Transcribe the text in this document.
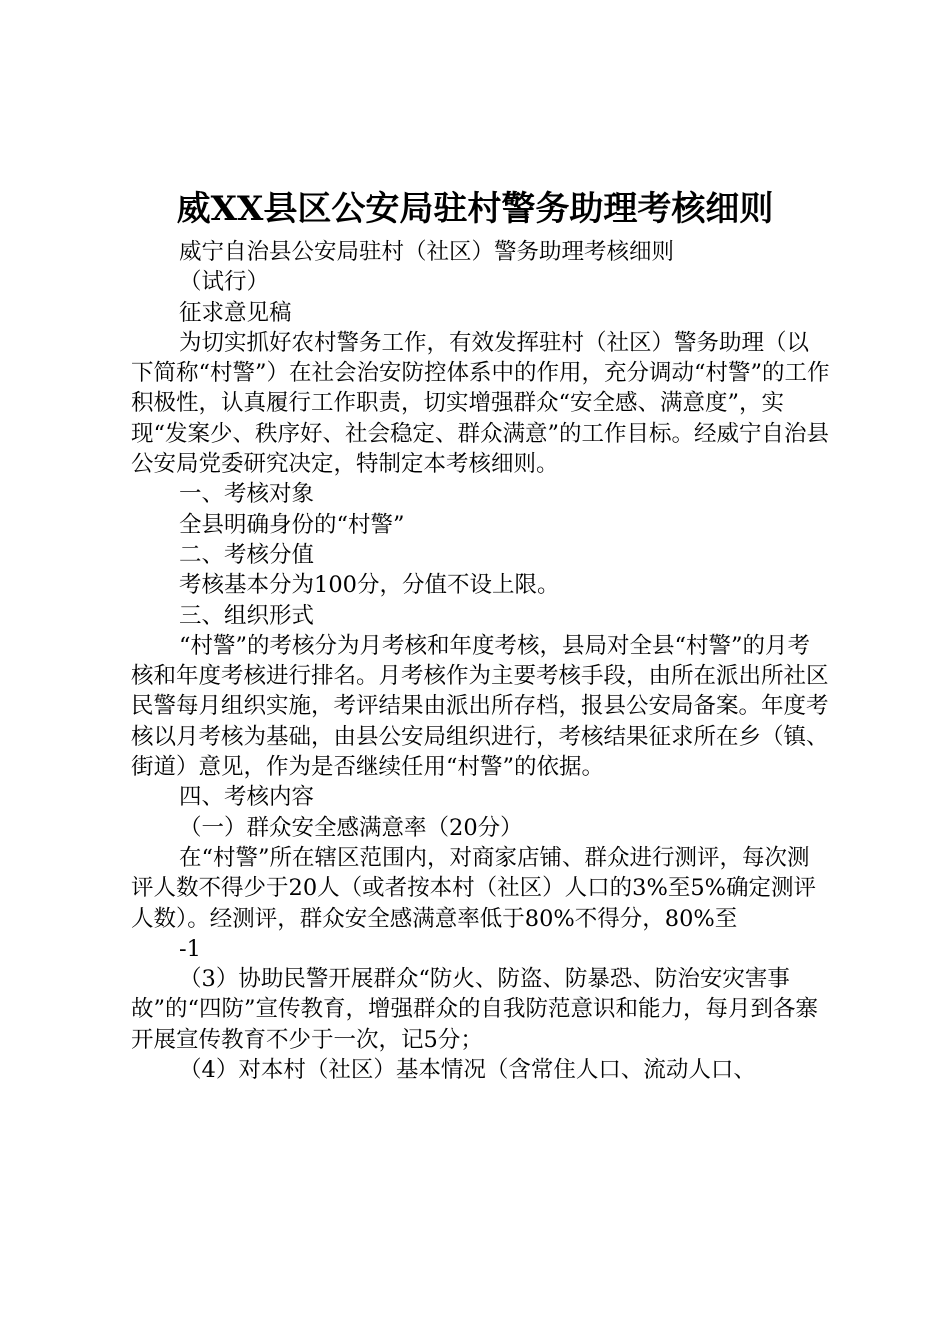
威XX县区公安局驻村警务助理考核细则

威宁自治县公安局驻村（社区）警务助理考核细则

（试行）

征求意见稿

为切实抓好农村警务工作，有效发挥驻村（社区）警务助理（以下简称“村警”）在社会治安防控体系中的作用，充分调动“村警”的工作积极性，认真履行工作职责，切实增强群众“安全感、满意度”，实现“发案少、秩序好、社会稳定、群众满意”的工作目标。经威宁自治县公安局党委研究决定，特制定本考核细则。

一、考核对象

全县明确身份的“村警”

二、考核分值

考核基本分为100分，分值不设上限。

三、组织形式

“村警”的考核分为月考核和年度考核，县局对全县“村警”的月考核和年度考核进行排名。月考核作为主要考核手段，由所在派出所社区民警每月组织实施，考评结果由派出所存档，报县公安局备案。年度考核以月考核为基础，由县公安局组织进行，考核结果征求所在乡（镇、街道）意见，作为是否继续任用“村警”的依据。

四、考核内容

（一）群众安全感满意率（20分）

在“村警”所在辖区范围内，对商家店铺、群众进行测评，每次测评人数不得少于20人（或者按本村（社区）人口的3%至5%确定测评人数）。经测评，群众安全感满意率低于80%不得分，80%至

-1

（3）协助民警开展群众“防火、防盗、防暴恐、防治安灾害事故”的“四防”宣传教育，增强群众的自我防范意识和能力，每月到各寨开展宣传教育不少于一次，记5分；

（4）对本村（社区）基本情况（含常住人口、流动人口、
